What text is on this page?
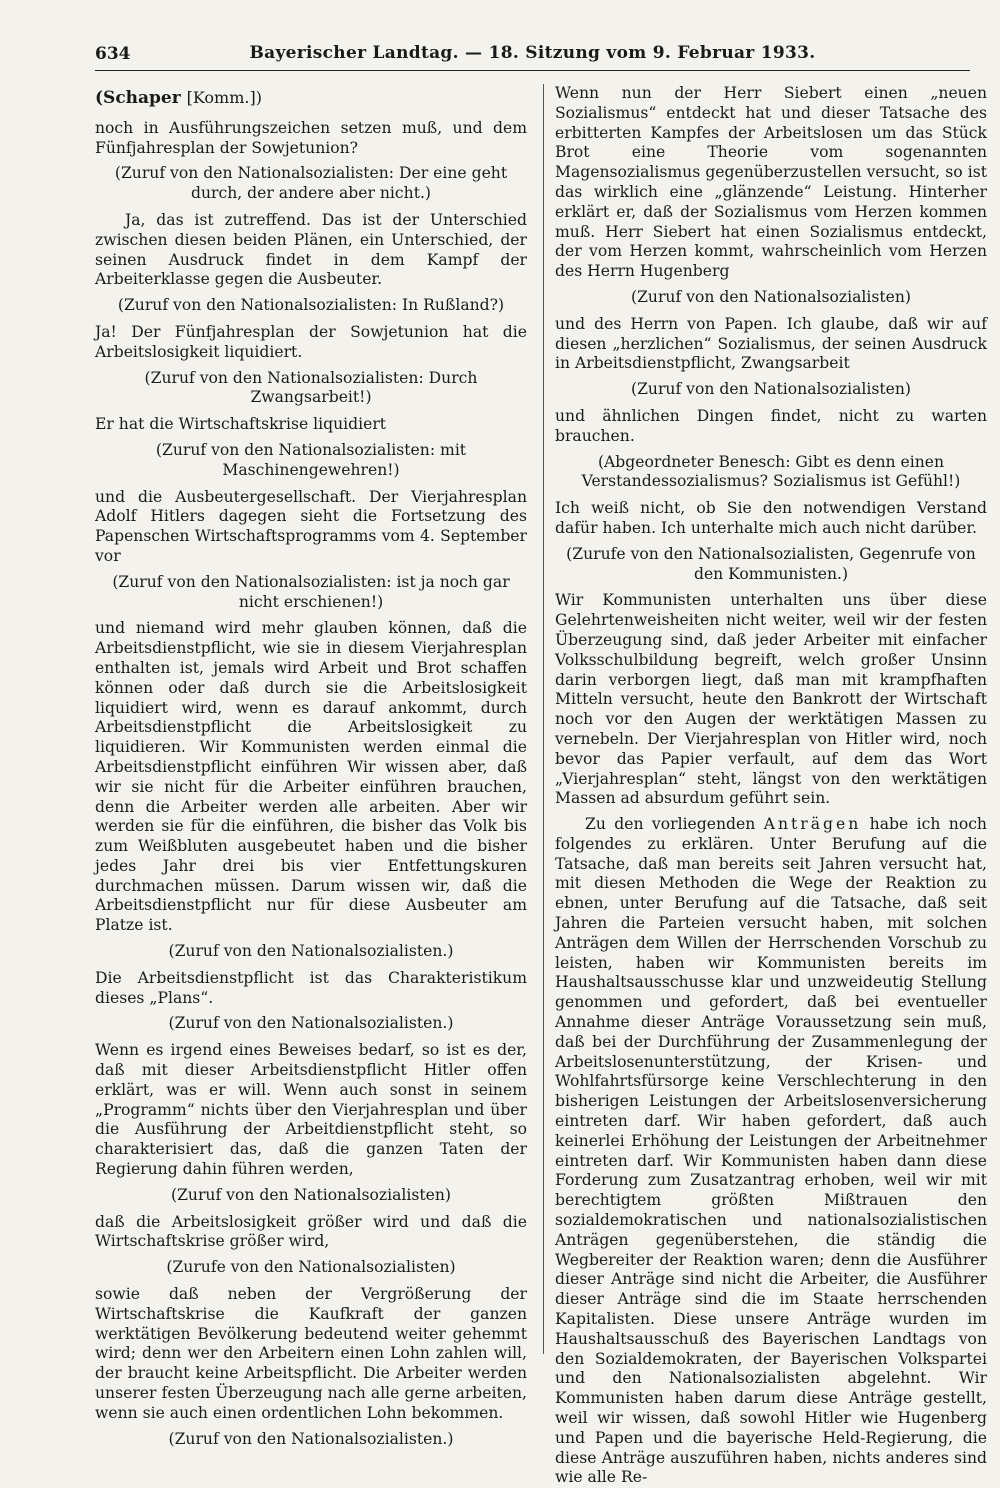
634	Bayerischer Landtag. — 18. Sitzung vom 9. Februar 1933.
(Schaper [Komm.])

noch in Ausführungszeichen setzen muß, und dem Fünfjahresplan der Sowjetunion?

(Zuruf von den Nationalsozialisten: Der eine geht durch, der andere aber nicht.)

Ja, das ist zutreffend. Das ist der Unterschied zwischen diesen beiden Plänen, ein Unterschied, der seinen Ausdruck findet in dem Kampf der Arbeiterklasse gegen die Ausbeuter.

(Zuruf von den Nationalsozialisten: In Rußland?)

Ja! Der Fünfjahresplan der Sowjetunion hat die Arbeitslosigkeit liquidiert.

(Zuruf von den Nationalsozialisten: Durch Zwangsarbeit!)

Er hat die Wirtschaftskrise liquidiert

(Zuruf von den Nationalsozialisten: mit Maschinengewehren!)

und die Ausbeutergesellschaft. Der Vierjahresplan Adolf Hitlers dagegen sieht die Fortsetzung des Papenschen Wirtschaftsprogramms vom 4. September vor

(Zuruf von den Nationalsozialisten: ist ja noch gar nicht erschienen!)

und niemand wird mehr glauben können, daß die Arbeitsdienstpflicht, wie sie in diesem Vierjahresplan enthalten ist, jemals wird Arbeit und Brot schaffen können oder daß durch sie die Arbeitslosigkeit liquidiert wird, wenn es darauf ankommt, durch Arbeitsdienstpflicht die Arbeitslosigkeit zu liquidieren. Wir Kommunisten werden einmal die Arbeitsdienstpflicht einführen Wir wissen aber, daß wir sie nicht für die Arbeiter einführen brauchen, denn die Arbeiter werden alle arbeiten. Aber wir werden sie für die einführen, die bisher das Volk bis zum Weißbluten ausgebeutet haben und die bisher jedes Jahr drei bis vier Entfettungskuren durchmachen müssen. Darum wissen wir, daß die Arbeitsdienstpflicht nur für diese Ausbeuter am Platze ist.

(Zuruf von den Nationalsozialisten.)

Die Arbeitsdienstpflicht ist das Charakteristikum dieses „Plans“.

(Zuruf von den Nationalsozialisten.)

Wenn es irgend eines Beweises bedarf, so ist es der, daß mit dieser Arbeitsdienstpflicht Hitler offen erklärt, was er will. Wenn auch sonst in seinem „Programm“ nichts über den Vierjahresplan und über die Ausführung der Arbeitdienstpflicht steht, so charakterisiert das, daß die ganzen Taten der Regierung dahin führen werden,

(Zuruf von den Nationalsozialisten)

daß die Arbeitslosigkeit größer wird und daß die Wirtschaftskrise größer wird,

(Zurufe von den Nationalsozialisten)

sowie daß neben der Vergrößerung der Wirtschaftskrise die Kaufkraft der ganzen werktätigen Bevölkerung bedeutend weiter gehemmt wird; denn wer den Arbeitern einen Lohn zahlen will, der braucht keine Arbeitspflicht. Die Arbeiter werden unserer festen Überzeugung nach alle gerne arbeiten, wenn sie auch einen ordentlichen Lohn bekommen.

(Zuruf von den Nationalsozialisten.)

Wenn nun der Herr Siebert einen „neuen Sozialismus“ entdeckt hat und dieser Tatsache des erbitterten Kampfes der Arbeitslosen um das Stück Brot eine Theorie vom sogenannten Magensozialismus gegenüberzustellen versucht, so ist das wirklich eine „glänzende“ Leistung. Hinterher erklärt er, daß der Sozialismus vom Herzen kommen muß. Herr Siebert hat einen Sozialismus entdeckt, der vom Herzen kommt, wahrscheinlich vom Herzen des Herrn Hugenberg

(Zuruf von den Nationalsozialisten)

und des Herrn von Papen. Ich glaube, daß wir auf diesen „herzlichen“ Sozialismus, der seinen Ausdruck in Arbeitsdienstpflicht, Zwangsarbeit

(Zuruf von den Nationalsozialisten)

und ähnlichen Dingen findet, nicht zu warten brauchen.

(Abgeordneter Benesch: Gibt es denn einen Verstandessozialismus? Sozialismus ist Gefühl!)

Ich weiß nicht, ob Sie den notwendigen Verstand dafür haben. Ich unterhalte mich auch nicht darüber.

(Zurufe von den Nationalsozialisten, Gegenrufe von den Kommunisten.)

Wir Kommunisten unterhalten uns über diese Gelehrtenweisheiten nicht weiter, weil wir der festen Überzeugung sind, daß jeder Arbeiter mit einfacher Volksschulbildung begreift, welch großer Unsinn darin verborgen liegt, daß man mit krampfhaften Mitteln versucht, heute den Bankrott der Wirtschaft noch vor den Augen der werktätigen Massen zu vernebeln. Der Vierjahresplan von Hitler wird, noch bevor das Papier verfault, auf dem das Wort „Vierjahresplan“ steht, längst von den werktätigen Massen ad absurdum geführt sein.

Zu den vorliegenden Anträgen habe ich noch folgendes zu erklären. Unter Berufung auf die Tatsache, daß man bereits seit Jahren versucht hat, mit diesen Methoden die Wege der Reaktion zu ebnen, unter Berufung auf die Tatsache, daß seit Jahren die Parteien versucht haben, mit solchen Anträgen dem Willen der Herrschenden Vorschub zu leisten, haben wir Kommunisten bereits im Haushaltsausschusse klar und unzweideutig Stellung genommen und gefordert, daß bei eventueller Annahme dieser Anträge Voraussetzung sein muß, daß bei der Durchführung der Zusammenlegung der Arbeitslosenunterstützung, der Krisen- und Wohlfahrtsfürsorge keine Verschlechterung in den bisherigen Leistungen der Arbeitslosenversicherung eintreten darf. Wir haben gefordert, daß auch keinerlei Erhöhung der Leistungen der Arbeitnehmer eintreten darf. Wir Kommunisten haben dann diese Forderung zum Zusatzantrag erhoben, weil wir mit berechtigtem größten Mißtrauen den sozialdemokratischen und nationalsozialistischen Anträgen gegenüberstehen, die ständig die Wegbereiter der Reaktion waren; denn die Ausführer dieser Anträge sind nicht die Arbeiter, die Ausführer dieser Anträge sind die im Staate herrschenden Kapitalisten. Diese unsere Anträge wurden im Haushaltsausschuß des Bayerischen Landtags von den Sozialdemokraten, der Bayerischen Volkspartei und den Nationalsozialisten abgelehnt. Wir Kommunisten haben darum diese Anträge gestellt, weil wir wissen, daß sowohl Hitler wie Hugenberg und Papen und die bayerische Held-Regierung, die diese Anträge auszuführen haben, nichts anderes sind wie alle Re-
